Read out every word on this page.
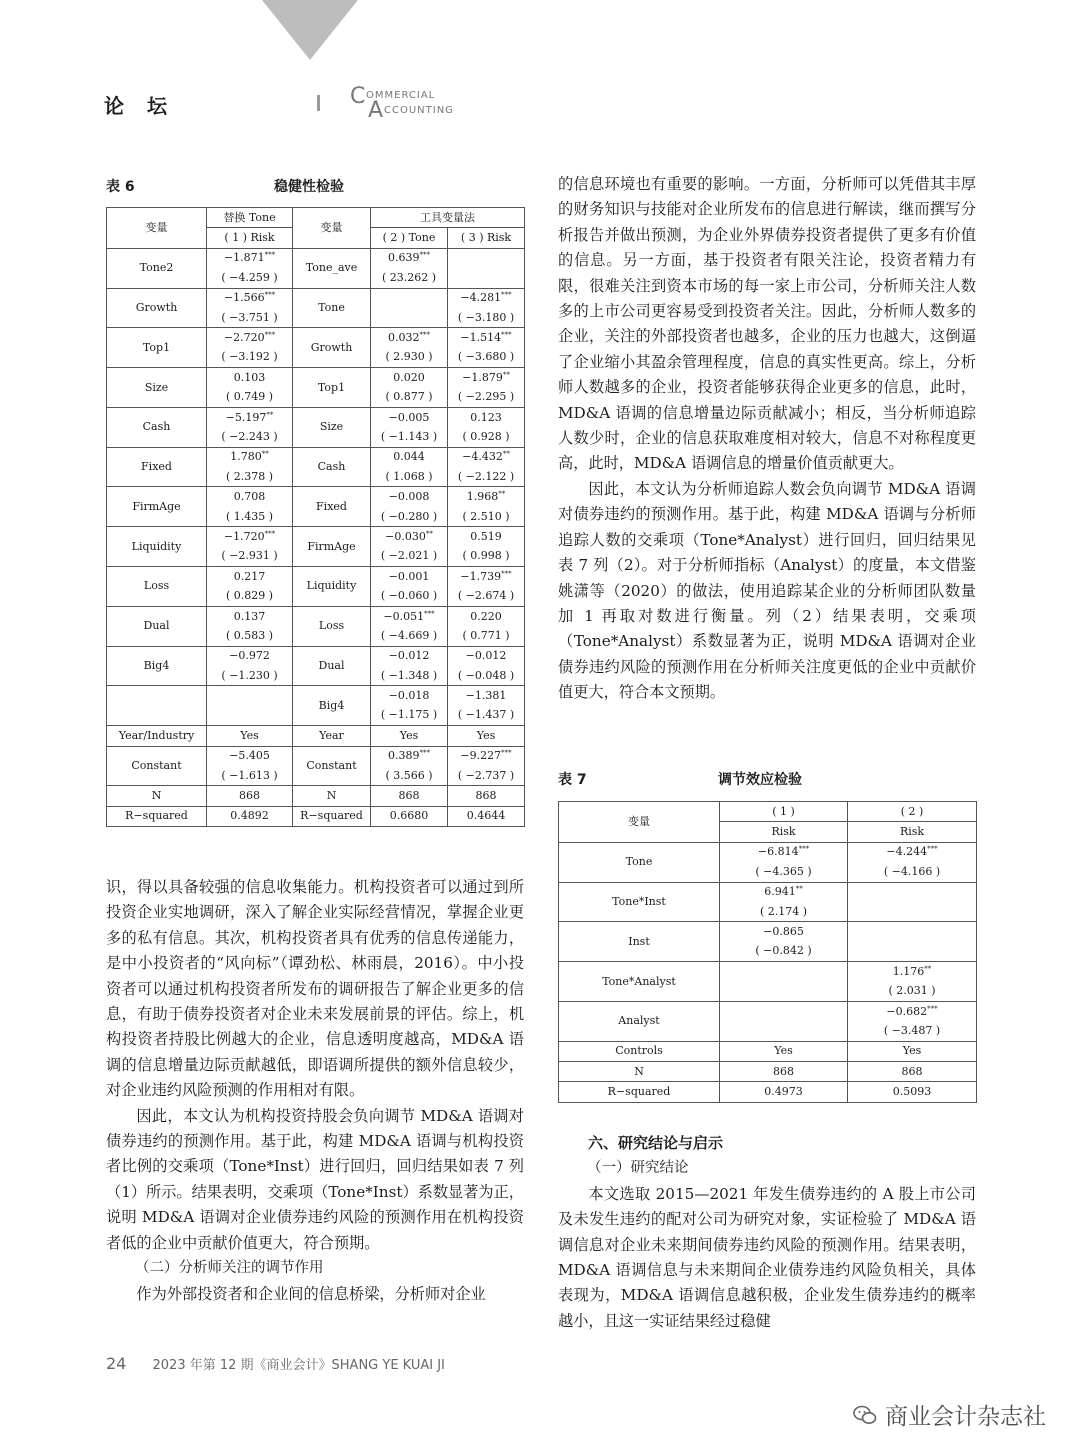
论 坛	C OMMERCIAL
A CCOUNTING
表 6	稳健性检验
变量	替换 Tone	变量	工具变量法	
	( 1 ) Risk		( 2 ) Tone	( 3 ) Risk
Tone2	−1.871***	Tone_ave	0.639***	
	( −4.259 )		( 23.262 )	
Growth	−1.566***	Tone		−4.281***
	( −3.751 )			( −3.180 )
Top1	−2.720***	Growth	0.032***	−1.514***
	( −3.192 )		( 2.930 )	( −3.680 )
Size	0.103	Top1	0.020	−1.879**
	( 0.749 )		( 0.877 )	( −2.295 )
Cash	−5.197**	Size	−0.005	0.123
	( −2.243 )		( −1.143 )	( 0.928 )
Fixed	1.780**	Cash	0.044	−4.432**
	( 2.378 )		( 1.068 )	( −2.122 )
FirmAge	0.708	Fixed	−0.008	1.968**
	( 1.435 )		( −0.280 )	( 2.510 )
Liquidity	−1.720***	FirmAge	−0.030**	0.519
	( −2.931 )		( −2.021 )	( 0.998 )
Loss	0.217	Liquidity	−0.001	−1.739***
	( 0.829 )		( −0.060 )	( −2.674 )
Dual	0.137	Loss	−0.051***	0.220
	( 0.583 )		( −4.669 )	( 0.771 )
Big4	−0.972	Dual	−0.012	−0.012
	( −1.230 )		( −1.348 )	( −0.048 )
		Big4	−0.018	−1.381
			( −1.175 )	( −1.437 )
Year/Industry	Yes	Year	Yes	Yes
Constant	−5.405	Constant	0.389***	−9.227***
	( −1.613 )		( 3.566 )	( −2.737 )
N	868	N	868	868
R−squared	0.4892	R−squared	0.6680	0.4644

识，得以具备较强的信息收集能力。机构投资者可以通过到所投资企业实地调研，深入了解企业实际经营情况，掌握企业更多的私有信息。其次，机构投资者具有优秀的信息传递能力，是中小投资者的“风向标”（谭劲松、林雨晨，2016）。中小投资者可以通过机构投资者所发布的调研报告了解企业更多的信息，有助于债券投资者对企业未来发展前景的评估。综上，机构投资者持股比例越大的企业，信息透明度越高，MD&A 语调的信息增量边际贡献越低，即语调所提供的额外信息较少，对企业违约风险预测的作用相对有限。

因此，本文认为机构投资持股会负向调节 MD&A 语调对债券违约的预测作用。基于此，构建 MD&A 语调与机构投资者比例的交乘项（Tone*Inst）进行回归，回归结果如表 7 列（1）所示。结果表明，交乘项（Tone*Inst）系数显著为正，说明 MD&A 语调对企业债券违约风险的预测作用在机构投资者低的企业中贡献价值更大，符合预期。

（二）分析师关注的调节作用

作为外部投资者和企业间的信息桥梁，分析师对企业

的信息环境也有重要的影响。一方面，分析师可以凭借其丰厚的财务知识与技能对企业所发布的信息进行解读，继而撰写分析报告并做出预测，为企业外界债券投资者提供了更多有价值的信息。另一方面，基于投资者有限关注论，投资者精力有限，很难关注到资本市场的每一家上市公司，分析师关注人数多的上市公司更容易受到投资者关注。因此，分析师人数多的企业，关注的外部投资者也越多，企业的压力也越大，这倒逼了企业缩小其盈余管理程度，信息的真实性更高。综上，分析师人数越多的企业，投资者能够获得企业更多的信息，此时，MD&A 语调的信息增量边际贡献减小；相反，当分析师追踪人数少时，企业的信息获取难度相对较大，信息不对称程度更高，此时，MD&A 语调信息的增量价值贡献更大。

因此，本文认为分析师追踪人数会负向调节 MD&A 语调对债券违约的预测作用。基于此，构建 MD&A 语调与分析师追踪人数的交乘项（Tone*Analyst）进行回归，回归结果见表 7 列（2）。对于分析师指标（Analyst）的度量，本文借鉴姚潇等（2020）的做法，使用追踪某企业的分析师团队数量加 1 再取对数进行衡量。列（2）结果表明，交乘项（Tone*Analyst）系数显著为正，说明 MD&A 语调对企业债券违约风险的预测作用在分析师关注度更低的企业中贡献价值更大，符合本文预期。

表 7	调节效应检验
变量	( 1 )	( 2 )
	Risk	Risk
Tone	−6.814***	−4.244***
	( −4.365 )	( −4.166 )
Tone*Inst	6.941**	
	( 2.174 )	
Inst	−0.865	
	( −0.842 )	
Tone*Analyst		1.176**
		( 2.031 )
Analyst		−0.682***
		( −3.487 )
Controls	Yes	Yes
N	868	868
R−squared	0.4973	0.5093

六、研究结论与启示

（一）研究结论

本文选取 2015—2021 年发生债券违约的 A 股上市公司及未发生违约的配对公司为研究对象，实证检验了 MD&A 语调信息对企业未来期间债券违约风险的预测作用。结果表明，MD&A 语调信息与未来期间企业债券违约风险负相关，具体表现为，MD&A 语调信息越积极，企业发生债券违约的概率越小，且这一实证结果经过稳健

24 2023 年第 12 期《商业会计》SHANG YE KUAI JI
商业会计杂志社
